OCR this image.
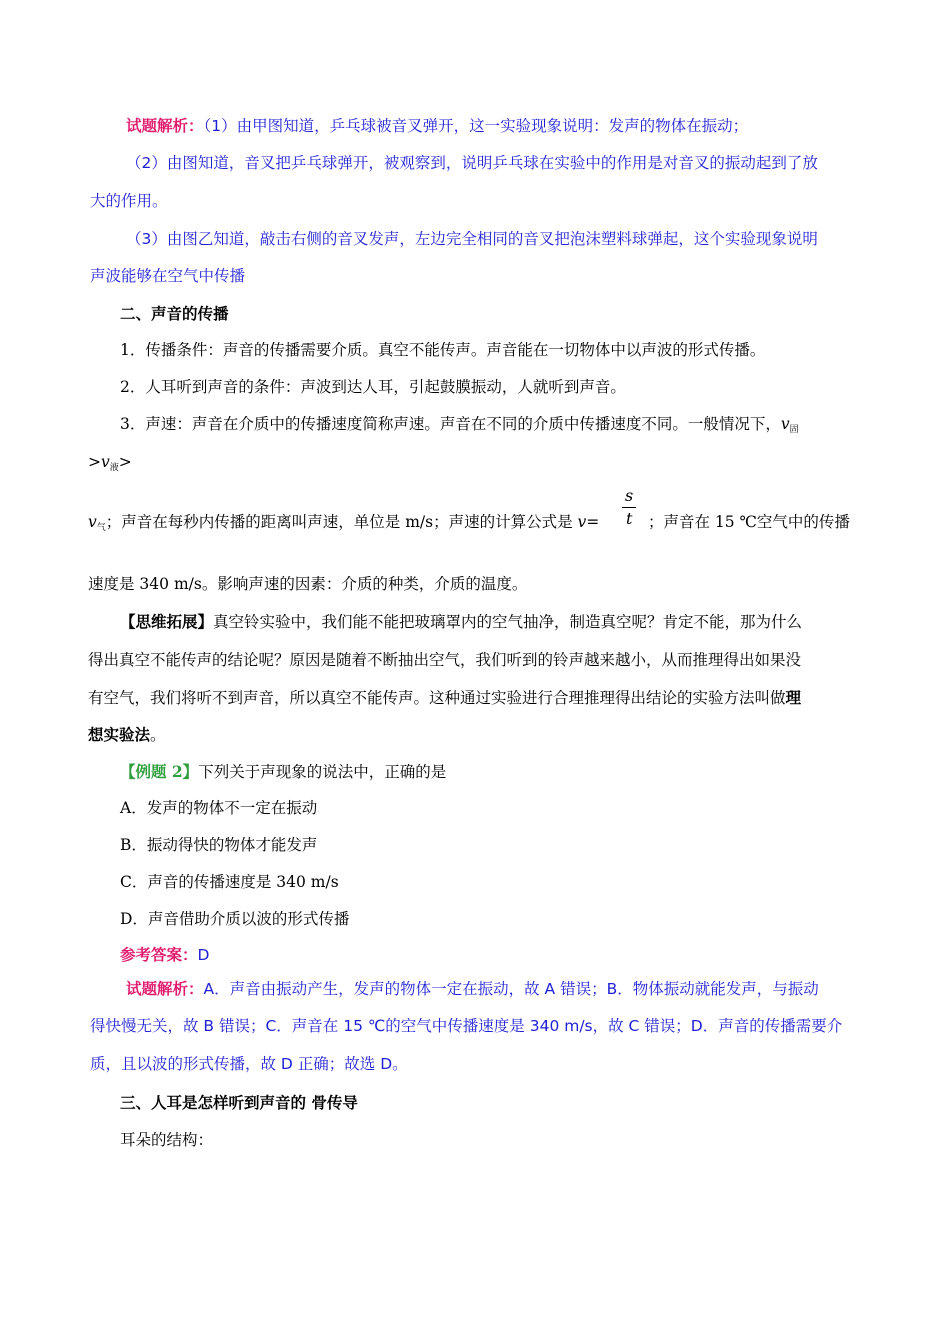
试题解析：（1）由甲图知道，乒乓球被音叉弹开，这一实验现象说明：发声的物体在振动；
（2）由图知道，音叉把乒乓球弹开，被观察到，说明乒乓球在实验中的作用是对音叉的振动起到了放
大的作用。
（3）由图乙知道，敲击右侧的音叉发声，左边完全相同的音叉把泡沫塑料球弹起，这个实验现象说明
声波能够在空气中传播
二、声音的传播
1．传播条件：声音的传播需要介质。真空不能传声。声音能在一切物体中以声波的形式传播。
2．人耳听到声音的条件：声波到达人耳，引起鼓膜振动，人就听到声音。
3．声速：声音在介质中的传播速度简称声速。声音在不同的介质中传播速度不同。一般情况下，$v_固$
$>v_液>$
s
$v_气$；声音在每秒内传播的距离叫声速，单位是 m/s；声速的计算公式是 v= t ；声音在 15 ℃空气中的传播
速度是 340 m/s。影响声速的因素：介质的种类，介质的温度。
【思维拓展】真空铃实验中，我们能不能把玻璃罩内的空气抽净，制造真空呢？肯定不能，那为什么
得出真空不能传声的结论呢？原因是随着不断抽出空气，我们听到的铃声越来越小，从而推理得出如果没
有空气，我们将听不到声音，所以真空不能传声。这种通过实验进行合理推理得出结论的实验方法叫做理
想实验法。
【例题 2】下列关于声现象的说法中，正确的是
A．发声的物体不一定在振动
B．振动得快的物体才能发声
C．声音的传播速度是 340 m/s
D．声音借助介质以波的形式传播
参考答案：D
试题解析：A．声音由振动产生，发声的物体一定在振动，故 A 错误；B．物体振动就能发声，与振动
得快慢无关，故 B 错误；C．声音在 15 ℃的空气中传播速度是 340 m/s，故 C 错误；D．声音的传播需要介
质，且以波的形式传播，故 D 正确；故选 D。
三、人耳是怎样听到声音的 骨传导
耳朵的结构：
